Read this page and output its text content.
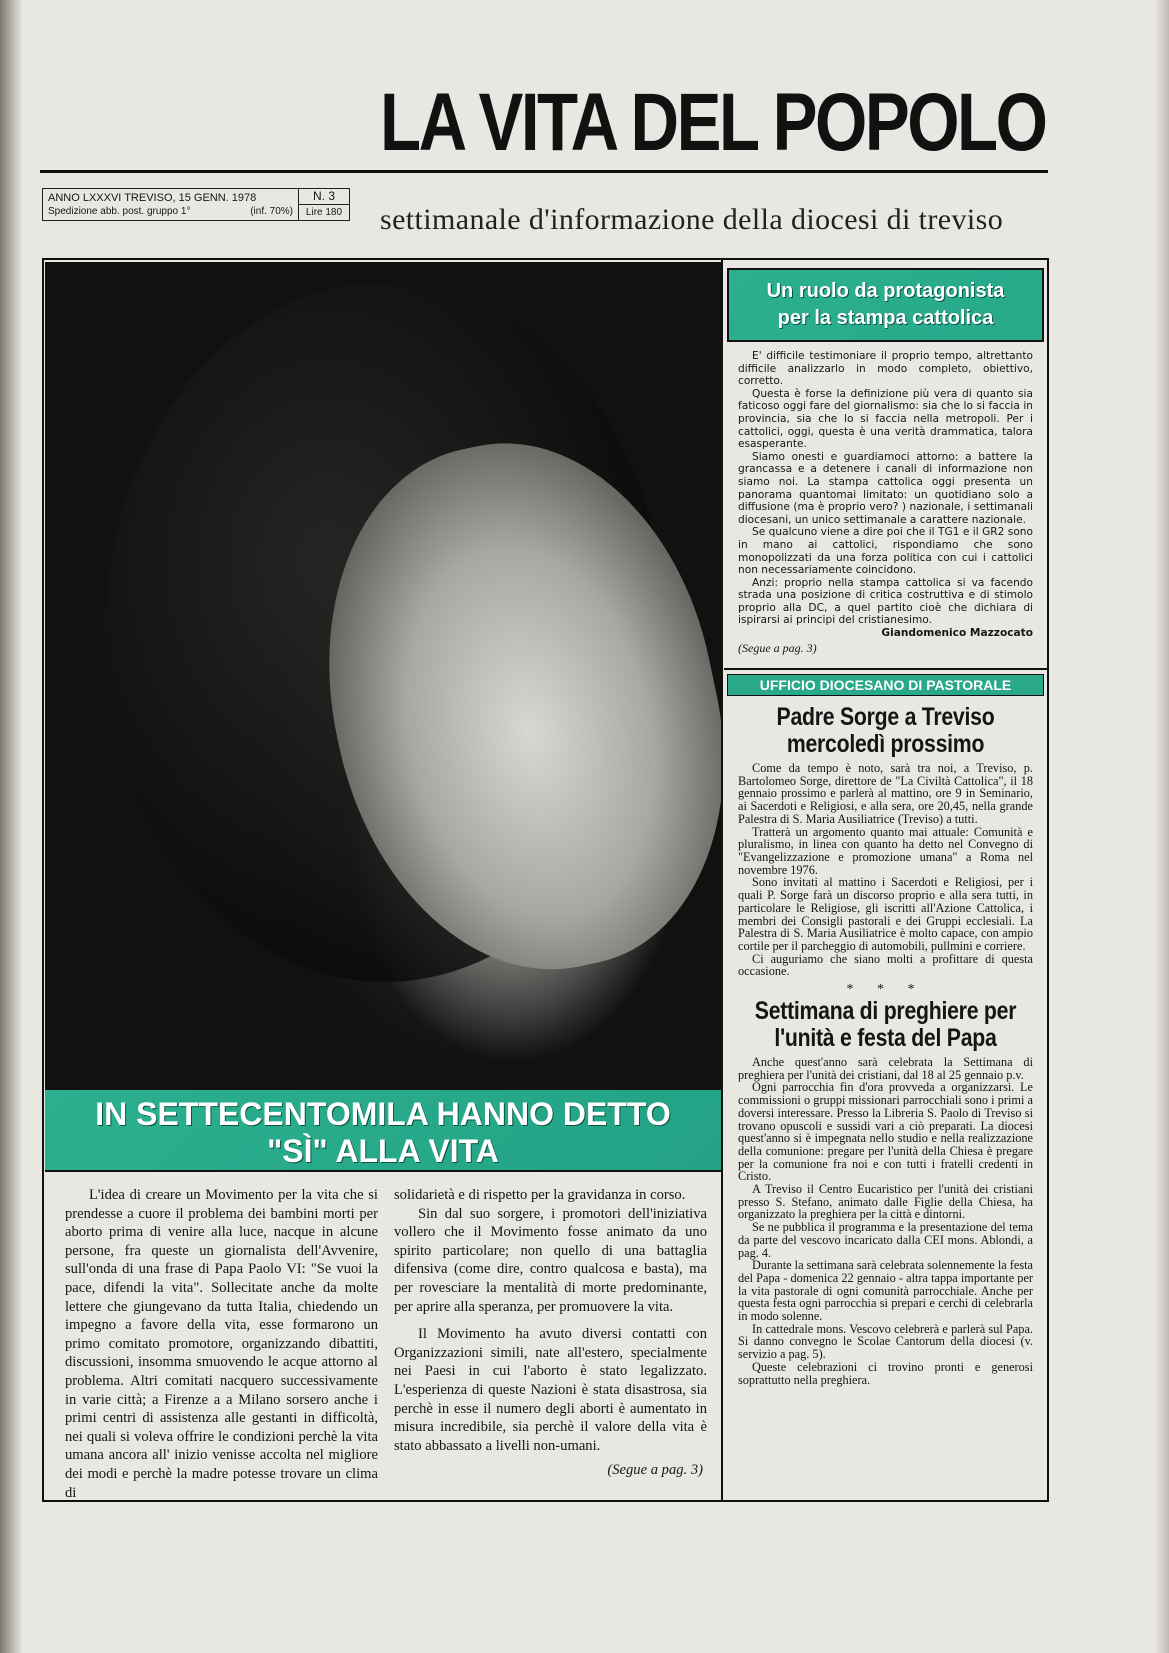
LA VITA DEL POPOLO
ANNO LXXXVI TREVISO, 15 GENN. 1978
Spedizione abb. post. gruppo 1°	(inf. 70%)
N. 3
Lire 180 settimanale d'informazione della diocesi di treviso
IN SETTECENTOMILA HANNO DETTO
"SÌ" ALLA VITA

L'idea di creare un Movimento per la vita che si prendesse a cuore il problema dei bambini morti per aborto prima di venire alla luce, nacque in alcune persone, fra queste un giornalista dell'Avvenire, sull'onda di una frase di Papa Paolo VI: "Se vuoi la pace, difendi la vita". Sollecitate anche da molte lettere che giungevano da tutta Italia, chiedendo un impegno a favore della vita, esse formarono un primo comitato promotore, organizzando dibattiti, discussioni, insomma smuovendo le acque attorno al problema. Altri comitati nacquero successivamente in varie città; a Firenze a a Milano sorsero anche i primi centri di assistenza alle gestanti in difficoltà, nei quali si voleva offrire le condizioni perchè la vita umana ancora all' inizio venisse accolta nel migliore dei modi e perchè la madre potesse trovare un clima di

solidarietà e di rispetto per la gravidanza in corso.

Sin dal suo sorgere, i promotori dell'iniziativa vollero che il Movimento fosse animato da uno spirito particolare; non quello di una battaglia difensiva (come dire, contro qualcosa e basta), ma per rovesciare la mentalità di morte predominante, per aprire alla speranza, per promuovere la vita.

Il Movimento ha avuto diversi contatti con Organizzazioni simili, nate all'estero, specialmente nei Paesi in cui l'aborto è stato legalizzato. L'esperienza di queste Nazioni è stata disastrosa, sia perchè in esse il numero degli aborti è aumentato in misura incredibile, sia perchè il valore della vita è stato abbassato a livelli non-umani.

(Segue a pag. 3)
Un ruolo da protagonista
per la stampa cattolica

E' difficile testimoniare il proprio tempo, altrettanto difficile analizzarlo in modo completo, obiettivo, corretto.

Questa è forse la definizione più vera di quanto sia faticoso oggi fare del giornalismo: sia che lo si faccia in provincia, sia che lo si faccia nella metropoli. Per i cattolici, oggi, questa è una verità drammatica, talora esasperante.

Siamo onesti e guardiamoci attorno: a battere la grancassa e a detenere i canali di informazione non siamo noi. La stampa cattolica oggi presenta un panorama quantomai limitato: un quotidiano solo a diffusione (ma è proprio vero? ) nazionale, i settimanali diocesani, un unico settimanale a carattere nazionale.

Se qualcuno viene a dire poi che il TG1 e il GR2 sono in mano ai cattolici, rispondiamo che sono monopolizzati da una forza politica con cui i cattolici non necessariamente coincidono.

Anzi: proprio nella stampa cattolica si va facendo strada una posizione di critica costruttiva e di stimolo proprio alla DC, a quel partito cioè che dichiara di ispirarsi ai principi del cristianesimo.

Giandomenico Mazzocato
(Segue a pag. 3)
UFFICIO DIOCESANO DI PASTORALE
Padre Sorge a Treviso
mercoledì prossimo

Come da tempo è noto, sarà tra noi, a Treviso, p. Bartolomeo Sorge, direttore de "La Civiltà Cattolica", il 18 gennaio prossimo e parlerà al mattino, ore 9 in Seminario, ai Sacerdoti e Religiosi, e alla sera, ore 20,45, nella grande Palestra di S. Maria Ausiliatrice (Treviso) a tutti.

Tratterà un argomento quanto mai attuale: Comunità e pluralismo, in linea con quanto ha detto nel Convegno di "Evangelizzazione e promozione umana" a Roma nel novembre 1976.

Sono invitati al mattino i Sacerdoti e Religiosi, per i quali P. Sorge farà un discorso proprio e alla sera tutti, in particolare le Religiose, gli iscritti all'Azione Cattolica, i membri dei Consigli pastorali e dei Gruppi ecclesiali. La Palestra di S. Maria Ausiliatrice è molto capace, con ampio cortile per il parcheggio di automobili, pullmini e corriere.

Ci auguriamo che siano molti a profittare di questa occasione.

* * *
Settimana di preghiere per
l'unità e festa del Papa

Anche quest'anno sarà celebrata la Settimana di preghiera per l'unità dei cristiani, dal 18 al 25 gennaio p.v.

Ogni parrocchia fin d'ora provveda a organizzarsi. Le commissioni o gruppi missionari parrocchiali sono i primi a doversi interessare. Presso la Libreria S. Paolo di Treviso si trovano opuscoli e sussidi vari a ciò preparati. La diocesi quest'anno si è impegnata nello studio e nella realizzazione della comunione: pregare per l'unità della Chiesa è pregare per la comunione fra noi e con tutti i fratelli credenti in Cristo.

A Treviso il Centro Eucaristico per l'unità dei cristiani presso S. Stefano, animato dalle Figlie della Chiesa, ha organizzato la preghiera per la città e dintorni.

Se ne pubblica il programma e la presentazione del tema da parte del vescovo incaricato dalla CEI mons. Ablondi, a pag. 4.

Durante la settimana sarà celebrata solennemente la festa del Papa - domenica 22 gennaio - altra tappa importante per la vita pastorale di ogni comunità parrocchiale. Anche per questa festa ogni parrocchia si prepari e cerchi di celebrarla in modo solenne.

In cattedrale mons. Vescovo celebrerà e parlerà sul Papa. Si danno convegno le Scolae Cantorum della diocesi (v. servizio a pag. 5).

Queste celebrazioni ci trovino pronti e generosi soprattutto nella preghiera.
